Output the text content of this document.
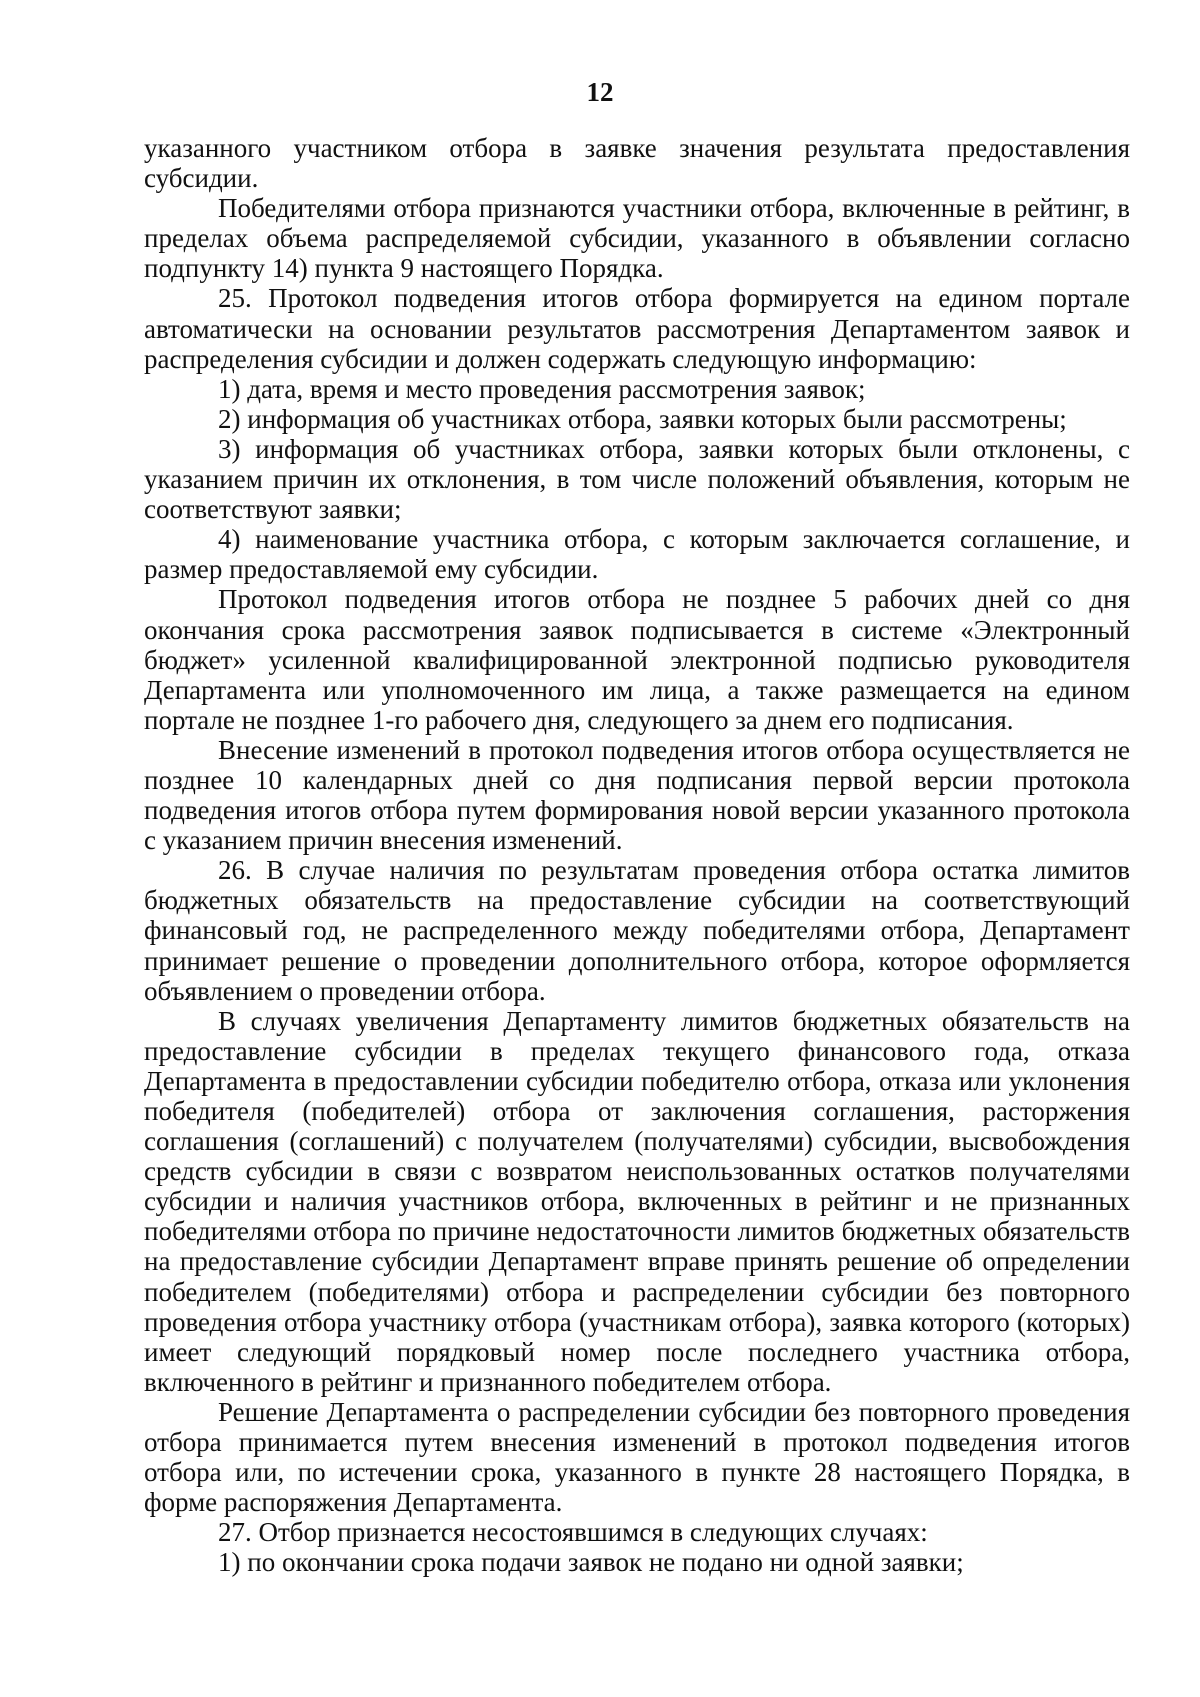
12

указанного участником отбора в заявке значения результата предоставления субсидии.

Победителями отбора признаются участники отбора, включенные в рейтинг, в пределах объема распределяемой субсидии, указанного в объявлении согласно подпункту 14) пункта 9 настоящего Порядка.

25. Протокол подведения итогов отбора формируется на едином портале автоматически на основании результатов рассмотрения Департаментом заявок и распределения субсидии и должен содержать следующую информацию:

1) дата, время и место проведения рассмотрения заявок;

2) информация об участниках отбора, заявки которых были рассмотрены;

3) информация об участниках отбора, заявки которых были отклонены, с указанием причин их отклонения, в том числе положений объявления, которым не соответствуют заявки;

4) наименование участника отбора, с которым заключается соглашение, и размер предоставляемой ему субсидии.

Протокол подведения итогов отбора не позднее 5 рабочих дней со дня окончания срока рассмотрения заявок подписывается в системе «Электронный бюджет» усиленной квалифицированной электронной подписью руководителя Департамента или уполномоченного им лица, а также размещается на едином портале не позднее 1-го рабочего дня, следующего за днем его подписания.

Внесение изменений в протокол подведения итогов отбора осуществляется не позднее 10 календарных дней со дня подписания первой версии протокола подведения итогов отбора путем формирования новой версии указанного протокола с указанием причин внесения изменений.

26. В случае наличия по результатам проведения отбора остатка лимитов бюджетных обязательств на предоставление субсидии на соответствующий финансовый год, не распределенного между победителями отбора, Департамент принимает решение о проведении дополнительного отбора, которое оформляется объявлением о проведении отбора.

В случаях увеличения Департаменту лимитов бюджетных обязательств на предоставление субсидии в пределах текущего финансового года, отказа Департамента в предоставлении субсидии победителю отбора, отказа или уклонения победителя (победителей) отбора от заключения соглашения, расторжения соглашения (соглашений) с получателем (получателями) субсидии, высвобождения средств субсидии в связи с возвратом неиспользованных остатков получателями субсидии и наличия участников отбора, включенных в рейтинг и не признанных победителями отбора по причине недостаточности лимитов бюджетных обязательств на предоставление субсидии Департамент вправе принять решение об определении победителем (победителями) отбора и распределении субсидии без повторного проведения отбора участнику отбора (участникам отбора), заявка которого (которых) имеет следующий порядковый номер после последнего участника отбора, включенного в рейтинг и признанного победителем отбора.

Решение Департамента о распределении субсидии без повторного проведения отбора принимается путем внесения изменений в протокол подведения итогов отбора или, по истечении срока, указанного в пункте 28 настоящего Порядка, в форме распоряжения Департамента.

27. Отбор признается несостоявшимся в следующих случаях:

1) по окончании срока подачи заявок не подано ни одной заявки;
